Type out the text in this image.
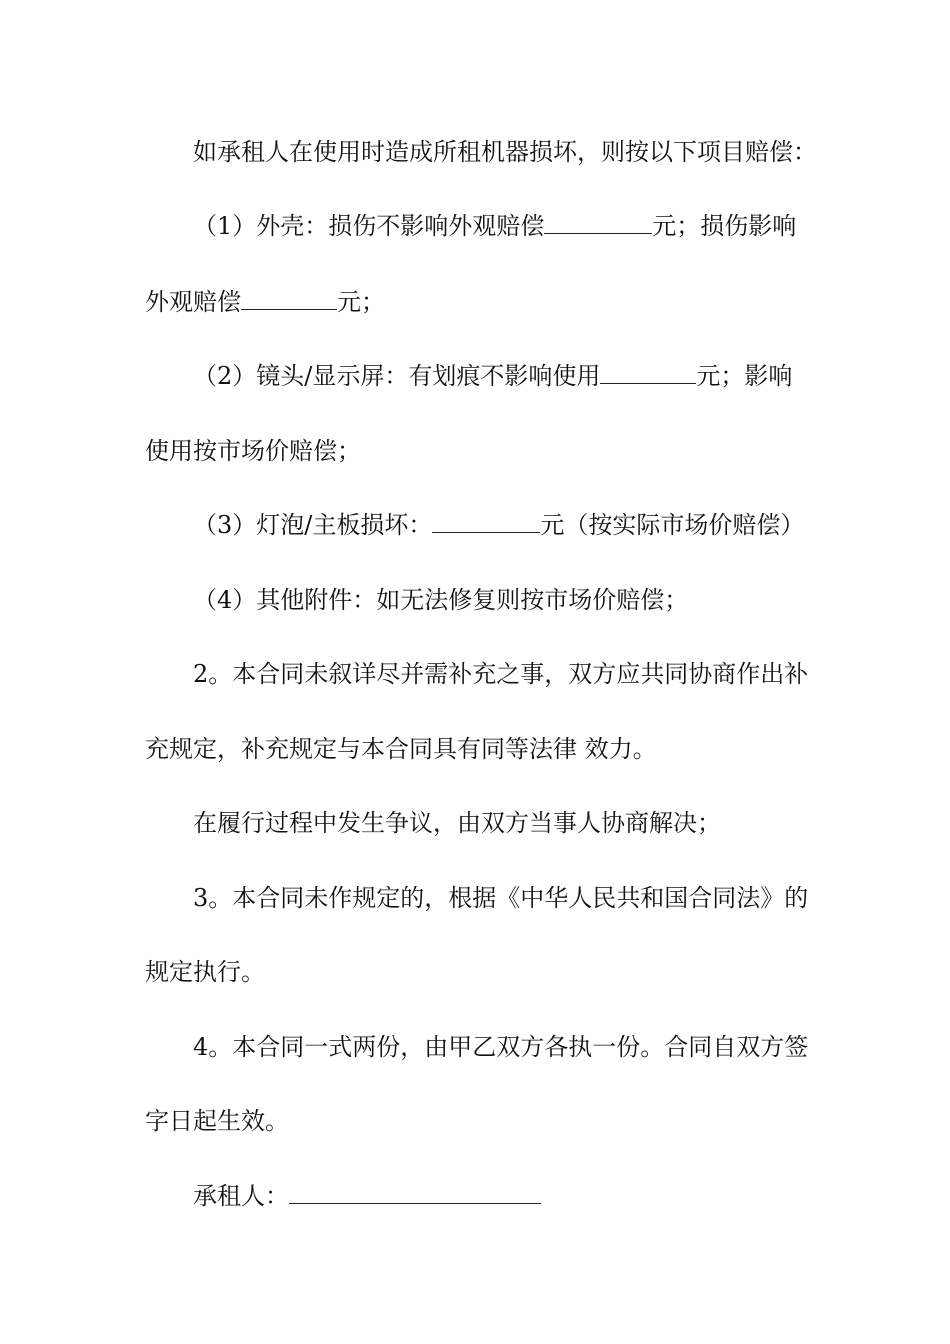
如承租人在使用时造成所租机器损坏，则按以下项目赔偿：
（1）外壳：损伤不影响外观赔偿	元；损伤影响
外观赔偿	元；
（2）镜头/显示屏：有划痕不影响使用	元；影响
使用按市场价赔偿；
（3）灯泡/主板损坏：	元（按实际市场价赔偿）
（4）其他附件：如无法修复则按市场价赔偿；
2。本合同未叙详尽并需补充之事，双方应共同协商作出补
充规定，补充规定与本合同具有同等法律 效力。
在履行过程中发生争议，由双方当事人协商解决；
3。本合同未作规定的，根据《中华人民共和国合同法》的
规定执行。
4。本合同一式两份，由甲乙双方各执一份。合同自双方签
字日起生效。
承租人：
